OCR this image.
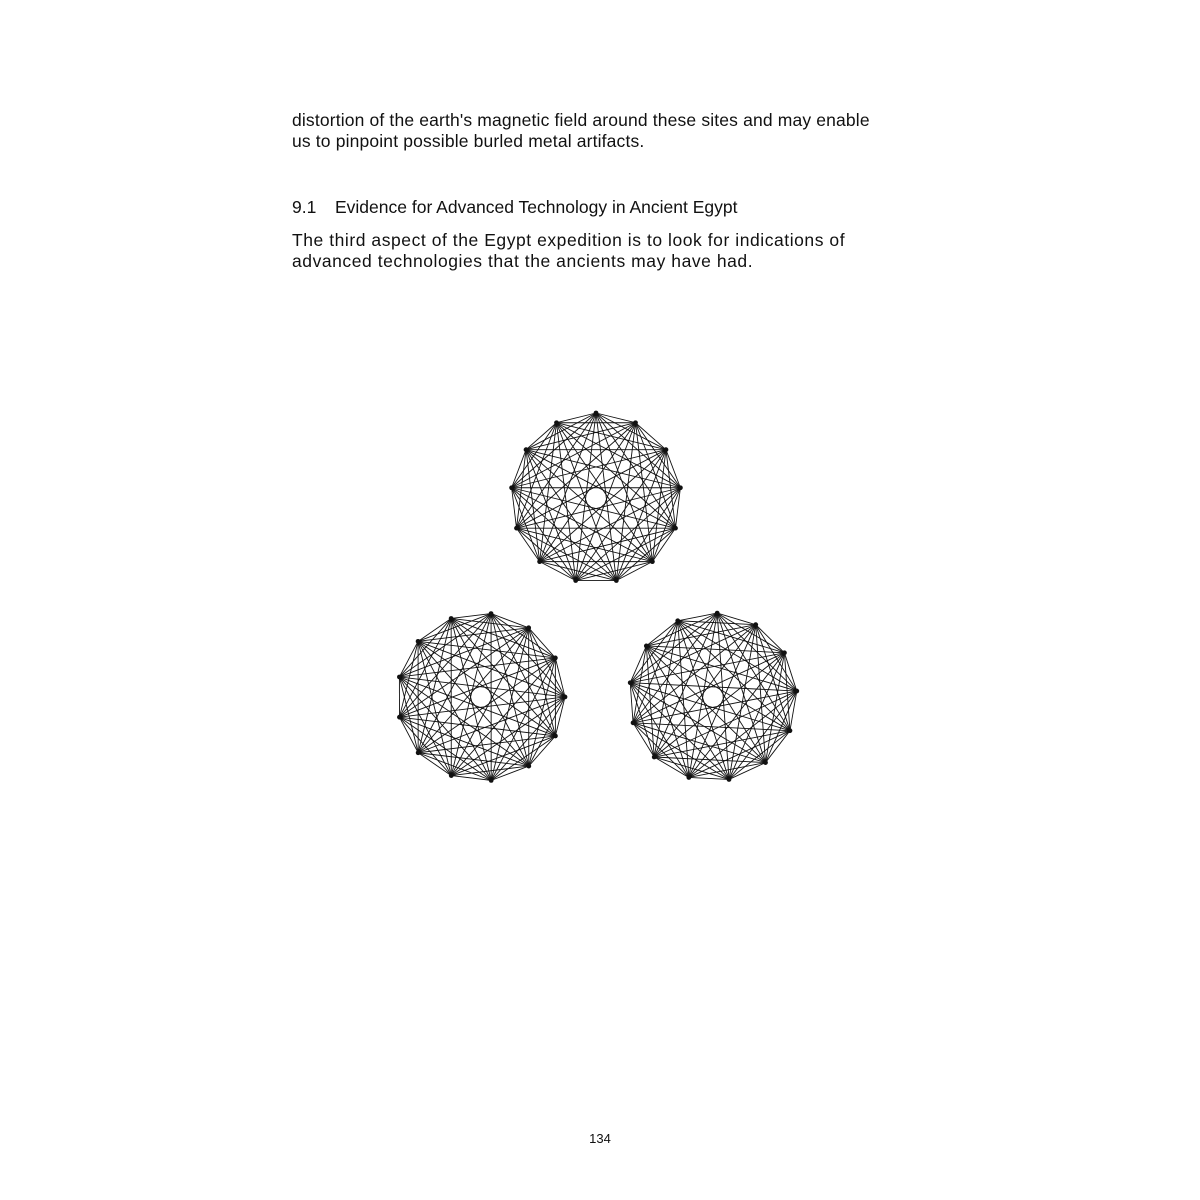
distortion of the earth's magnetic field around these sites and may enable
us to pinpoint possible burled metal artifacts.
9.1 Evidence for Advanced Technology in Ancient Egypt
The third aspect of the Egypt expedition is to look for indications of
advanced technologies that the ancients may have had.
134
